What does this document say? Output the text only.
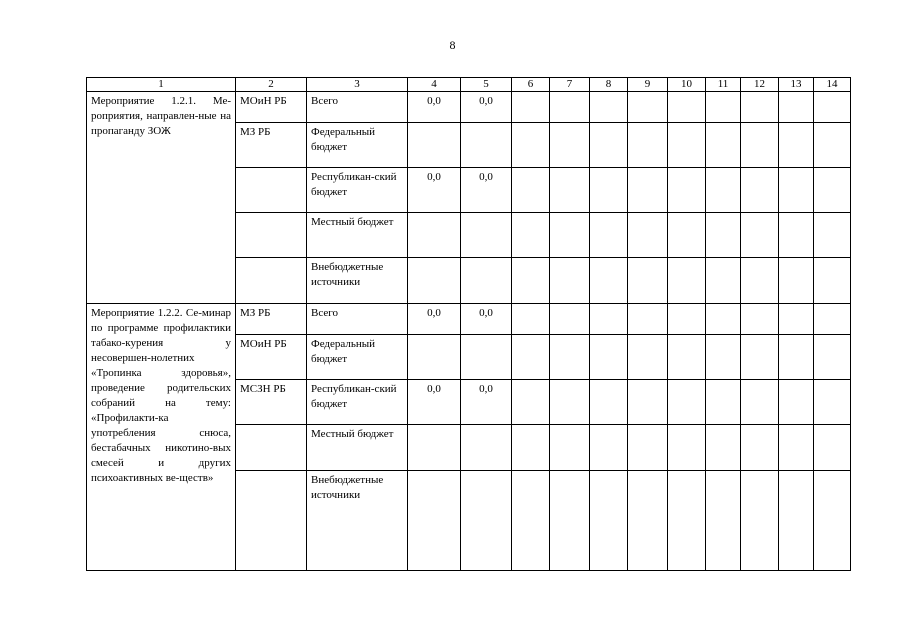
8
1	2	3	4	5	6	7	8	9	10	11	12	13	14
Мероприятие 1.2.1. Ме-роприятия, направлен-ные на пропаганду ЗОЖ	МОиН РБ	Всего	0,0	0,0									
	МЗ РБ	Федеральный бюджет											
		Республикан-ский бюджет	0,0	0,0									
		Местный бюджет											
		Внебюджетные источники											
Мероприятие 1.2.2. Се-минар по программе профилактики табако-курения у несовершен-нолетних «Тропинка здоровья», проведение родительских собраний на тему: «Профилакти-ка употребления снюса, бестабачных никотино-вых смесей и других психоактивных ве-ществ»	МЗ РБ	Всего	0,0	0,0									
	МОиН РБ	Федеральный бюджет											
	МСЗН РБ	Республикан-ский бюджет	0,0	0,0									
		Местный бюджет											
		Внебюджетные источники											
